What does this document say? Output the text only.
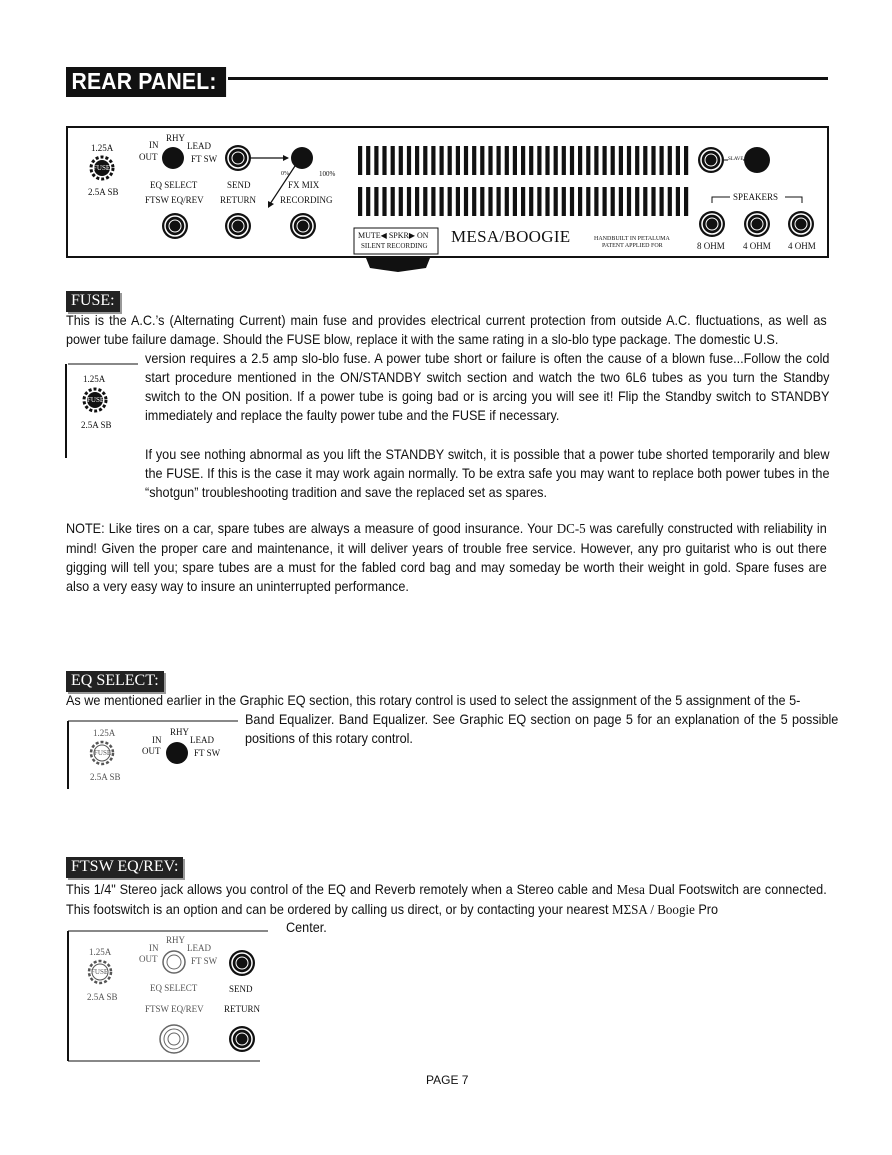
REAR PANEL:
1.25A
FUSE
2.5A SB
RHY
IN	LEAD
OUT	FT SW
EQ SELECT	SEND	FX MIX
0%	100%
FTSW EQ/REV RETURN	RECORDING
MUTE◀ SPKR▶ ON
SILENT RECORDING MESA/BOOGIE	HANDBUILT IN PETALUMA
PATENT APPLIED FOR
SLAVE
SPEAKERS
8 OHM 4 OHM 4 OHM
FUSE:
This is the A.C.’s (Alternating Current) main fuse and provides electrical current protection from outside A.C. fluctuations, as well as power tube failure damage. Should the FUSE blow, replace it with the same rating in a slo-blo type package. The domestic U.S.
version requires a 2.5 amp slo-blo fuse. A power tube short or failure is often the cause of a blown fuse...Follow the cold start procedure mentioned in the ON/STANDBY switch section and watch the two 6L6 tubes as you turn the Standby switch to the ON position. If a power tube is going bad or is arcing you will see it! Flip the Standby switch to STANDBY immediately and replace the faulty power tube and the FUSE if necessary.
1.25A
FUSE
2.5A SB
If you see nothing abnormal as you lift the STANDBY switch, it is possible that a power tube shorted temporarily and blew the FUSE. If this is the case it may work again normally. To be extra safe you may want to replace both power tubes in the “shotgun” troubleshooting tradition and save the replaced set as spares.
NOTE: Like tires on a car, spare tubes are always a measure of good insurance. Your DC-5 was carefully constructed with reliability in mind! Given the proper care and maintenance, it will deliver years of trouble free service. However, any pro guitarist who is out there gigging will tell you; spare tubes are a must for the fabled cord bag and may someday be worth their weight in gold. Spare fuses are also a very easy way to insure an uninterrupted performance.
EQ SELECT:
As we mentioned earlier in the Graphic EQ section, this rotary control is used to select the assignment of the 5 assignment of the 5-
Band Equalizer. Band Equalizer. See Graphic EQ section on page 5 for an explanation of the 5 possible positions of this rotary control.
1.25A
FUSE
2.5A SB
RHY
IN	LEAD
OUT	FT SW
FTSW EQ/REV:
This 1/4" Stereo jack allows you control of the EQ and Reverb remotely when a Stereo cable and Mesa Dual Footswitch are connected. This footswitch is an option and can be ordered by calling us direct, or by contacting your nearest MΣSA / Boogie Pro
Center.
1.25A
FUSE
2.5A SB
RHY
IN	LEAD
OUT	FT SW
EQ SELECT	SEND
FTSW EQ/REV RETURN
PAGE 7
